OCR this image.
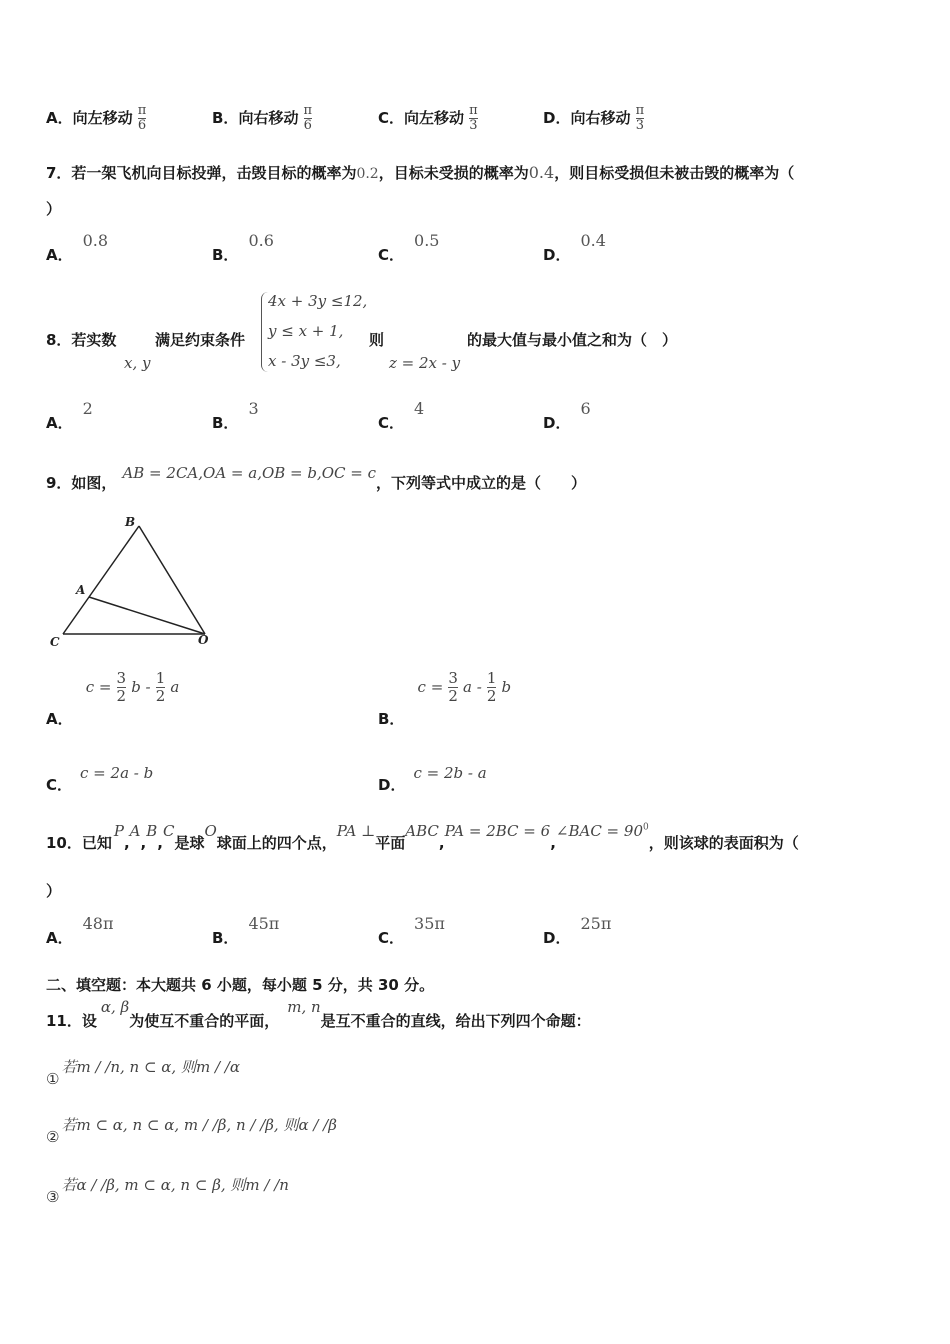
A．向左移动 $\frac{\pi}{6}$	B．向右移动 $\frac{\pi}{6}$	C．向左移动 $\frac{\pi}{3}$	D．向右移动 $\frac{\pi}{3}$
7．若一架飞机向目标投弹，击毁目标的概率为0.2，目标未受损的概率为0.4，则目标受损但未被击毁的概率为（
）
A．0.8
B．0.6
C．0.5
D．0.4
8．若实数
x, y
满足约束条件
4x + 3y ≤12,
y ≤ x + 1,
x - 3y ≤3,
则
z = 2x - y
的最大值与最小值之和为（　）
A．2
B．3
C．4
D．6
9．如图，AB = 2CA,OA = a,OB = b,OC = c，下列等式中成立的是（　　）
B
A
C	O
A． $c = \frac{3}{2}$ b - $\frac{1}{2}$ a
B． $c = \frac{3}{2}$ a - $\frac{1}{2}$ b
C．c = 2a - b
D．c = 2b - a
10．已知P,A,B,C是球O球面上的四个点，PA ⊥平面ABC,PA = 2BC = 6,∠BAC = $90^0$，则该球的表面积为（
）
A．48π
B．45π
C．35π
D．25π
二、填空题：本大题共 6 小题，每小题 5 分，共 30 分。
11．设α, β为使互不重合的平面，m, n是互不重合的直线，给出下列四个命题：
①若m / /n, n ⊂ α, 则m / /α
②若m ⊂ α, n ⊂ α, m / /β, n / /β, 则α / /β
③若α / /β, m ⊂ α, n ⊂ β, 则m / /n
